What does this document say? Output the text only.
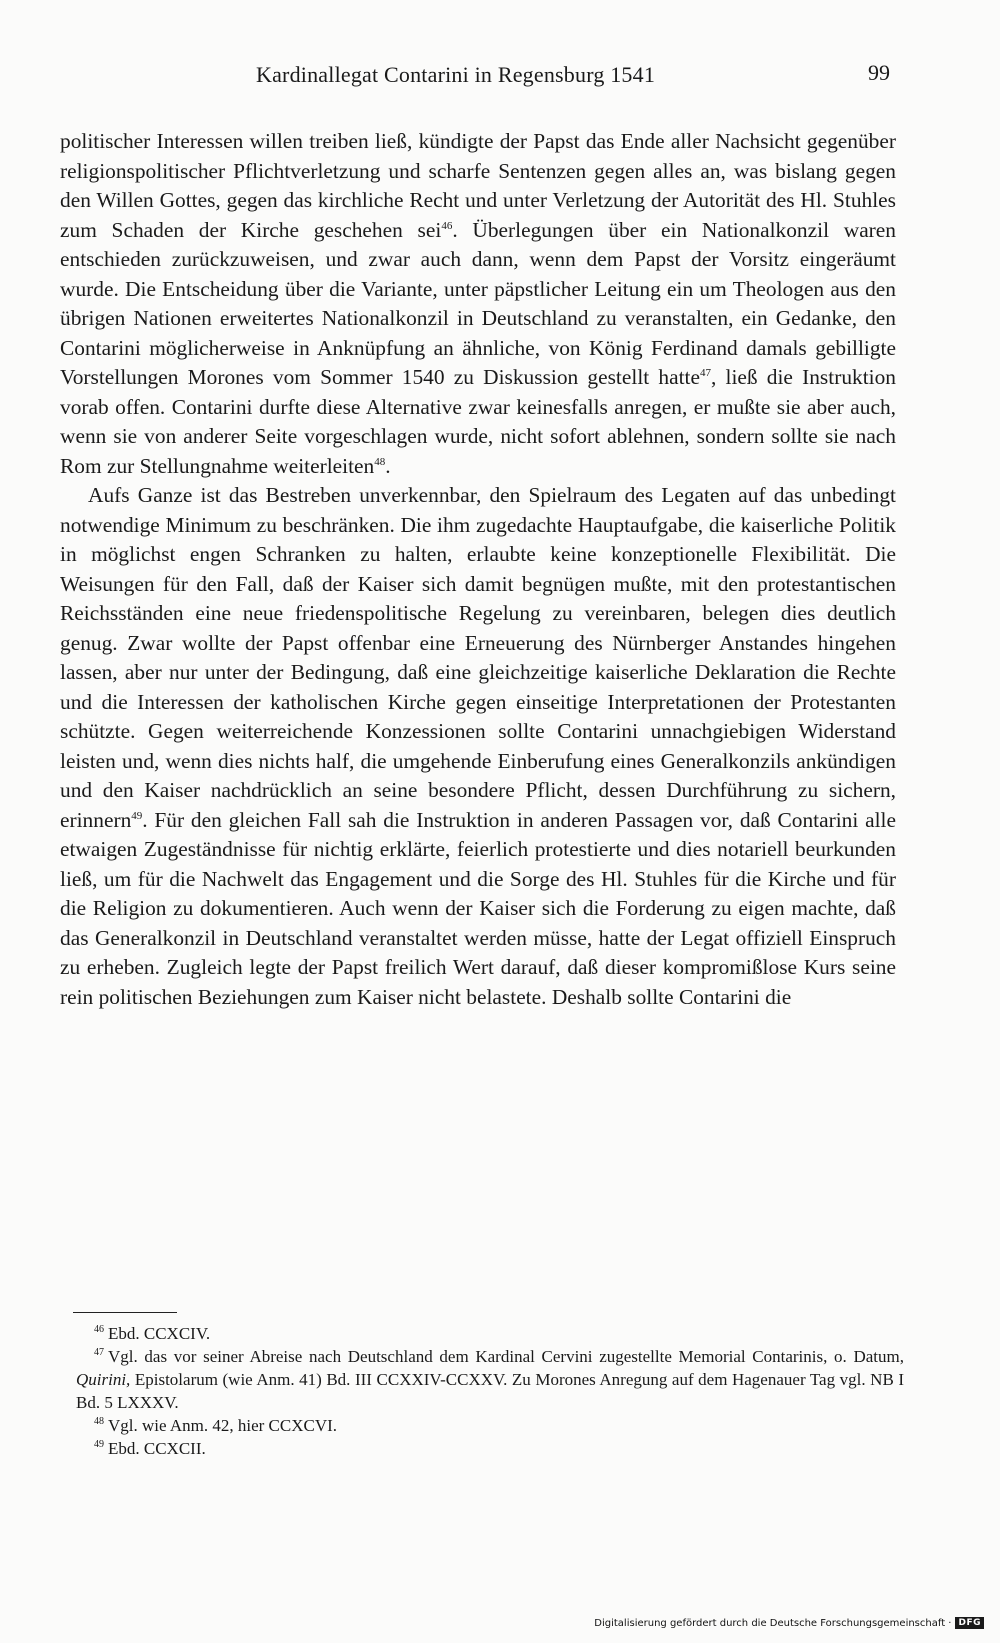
Kardinallegat Contarini in Regensburg 1541	99

politischer Interessen willen treiben ließ, kündigte der Papst das Ende aller Nachsicht gegenüber religionspolitischer Pflichtverletzung und scharfe Sentenzen gegen alles an, was bislang gegen den Willen Gottes, gegen das kirchliche Recht und unter Verletzung der Autorität des Hl. Stuhles zum Schaden der Kirche geschehen sei$^{46}$. Überlegungen über ein Nationalkonzil waren entschieden zurückzuweisen, und zwar auch dann, wenn dem Papst der Vorsitz eingeräumt wurde. Die Entscheidung über die Variante, unter päpstlicher Leitung ein um Theologen aus den übrigen Nationen erweitertes Nationalkonzil in Deutschland zu veranstalten, ein Gedanke, den Contarini möglicherweise in Anknüpfung an ähnliche, von König Ferdinand damals gebilligte Vorstellungen Morones vom Sommer 1540 zu Diskussion gestellt hatte$^{47}$, ließ die Instruktion vorab offen. Contarini durfte diese Alternative zwar keinesfalls anregen, er mußte sie aber auch, wenn sie von anderer Seite vorgeschlagen wurde, nicht sofort ablehnen, sondern sollte sie nach Rom zur Stellungnahme weiterleiten$^{48}$.

Aufs Ganze ist das Bestreben unverkennbar, den Spielraum des Legaten auf das unbedingt notwendige Minimum zu beschränken. Die ihm zugedachte Hauptaufgabe, die kaiserliche Politik in möglichst engen Schranken zu halten, erlaubte keine konzeptionelle Flexibilität. Die Weisungen für den Fall, daß der Kaiser sich damit begnügen mußte, mit den protestantischen Reichsständen eine neue friedenspolitische Regelung zu vereinbaren, belegen dies deutlich genug. Zwar wollte der Papst offenbar eine Erneuerung des Nürnberger Anstandes hingehen lassen, aber nur unter der Bedingung, daß eine gleichzeitige kaiserliche Deklaration die Rechte und die Interessen der katholischen Kirche gegen einseitige Interpretationen der Protestanten schützte. Gegen weiterreichende Konzessionen sollte Contarini unnachgiebigen Widerstand leisten und, wenn dies nichts half, die umgehende Einberufung eines Generalkonzils ankündigen und den Kaiser nachdrücklich an seine besondere Pflicht, dessen Durchführung zu sichern, erinnern$^{49}$. Für den gleichen Fall sah die Instruktion in anderen Passagen vor, daß Contarini alle etwaigen Zugeständnisse für nichtig erklärte, feierlich protestierte und dies notariell beurkunden ließ, um für die Nachwelt das Engagement und die Sorge des Hl. Stuhles für die Kirche und für die Religion zu dokumentieren. Auch wenn der Kaiser sich die Forderung zu eigen machte, daß das Generalkonzil in Deutschland veranstaltet werden müsse, hatte der Legat offiziell Einspruch zu erheben. Zugleich legte der Papst freilich Wert darauf, daß dieser kompromißlose Kurs seine rein politischen Beziehungen zum Kaiser nicht belastete. Deshalb sollte Contarini die

$^{46}$ Ebd. CCXCIV.

$^{47}$ Vgl. das vor seiner Abreise nach Deutschland dem Kardinal Cervini zugestellte Memorial Contarinis, o. Datum, Quirini, Epistolarum (wie Anm. 41) Bd. III CCXXIV-CCXXV. Zu Morones Anregung auf dem Hagenauer Tag vgl. NB I Bd. 5 LXXXV.

$^{48}$ Vgl. wie Anm. 42, hier CCXCVI.

$^{49}$ Ebd. CCXCII.

Digitalisierung gefördert durch die Deutsche Forschungsgemeinschaft · DFG
